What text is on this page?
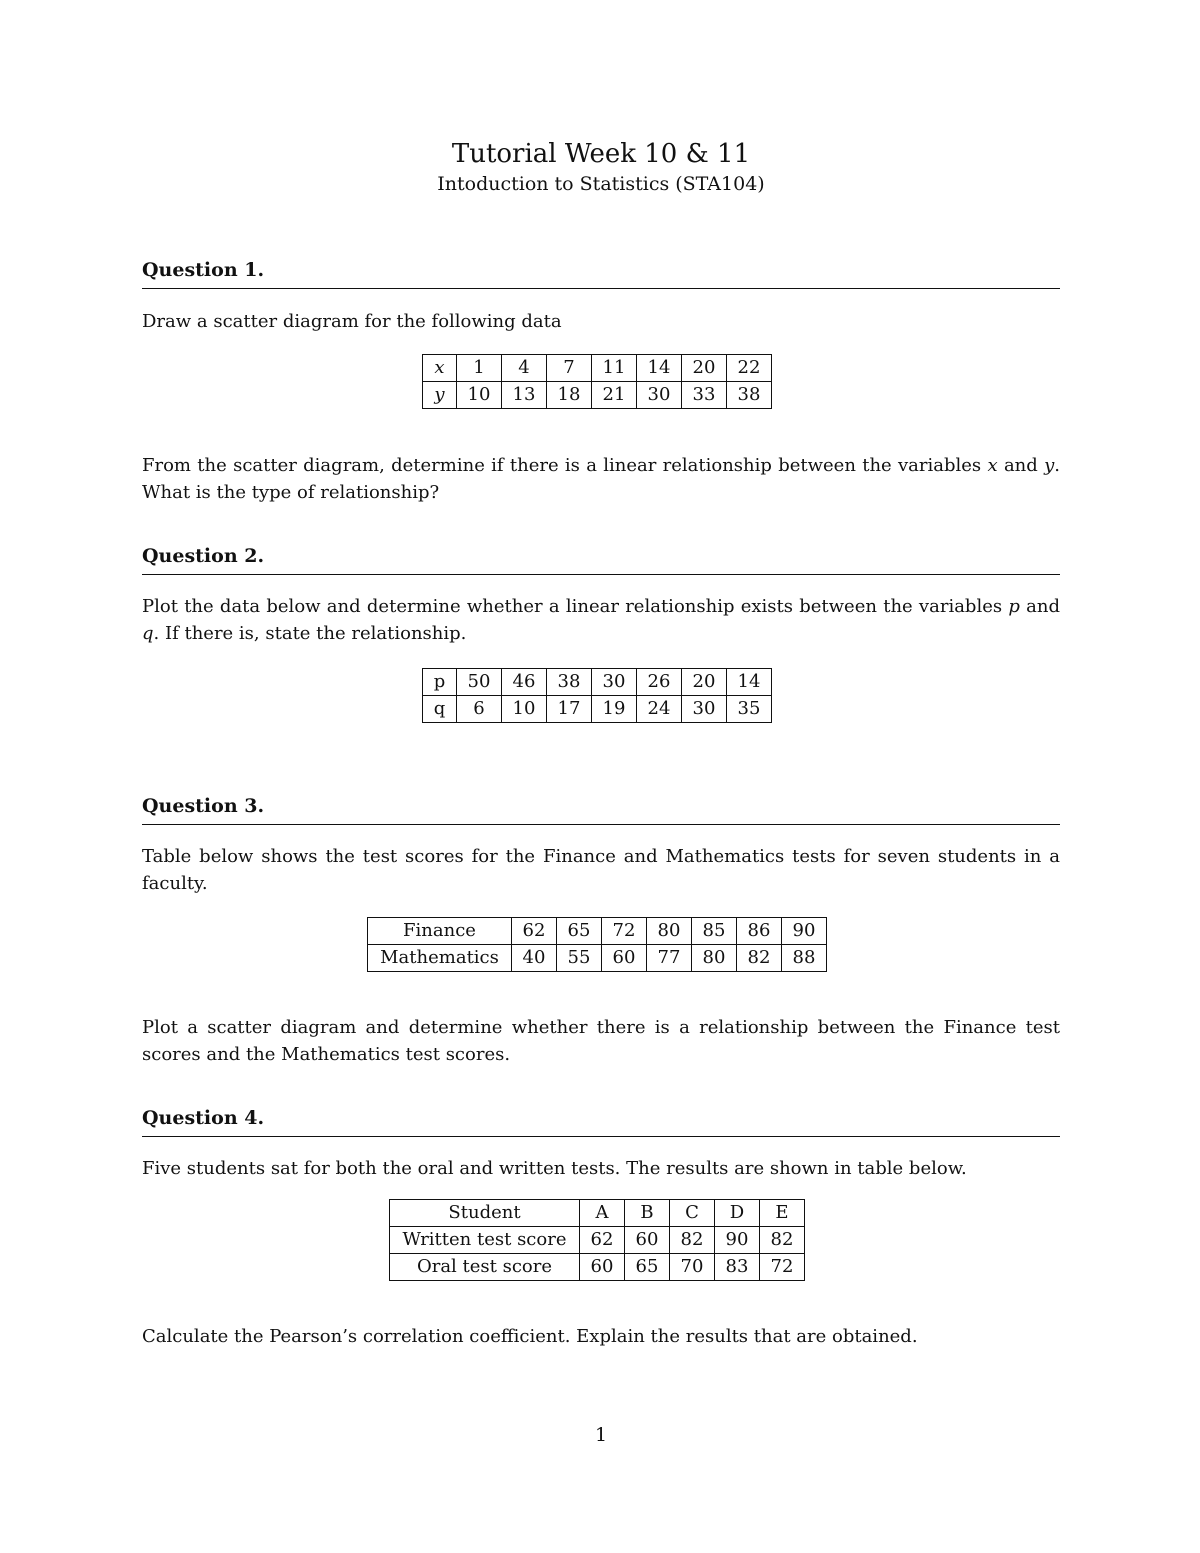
Tutorial Week 10 & 11
Intoduction to Statistics (STA104)
Question 1.
Draw a scatter diagram for the following data
x	1	4	7	11	14	20	22
y	10	13	18	21	30	33	38
From the scatter diagram, determine if there is a linear relationship between the variables x and y. What is the type of relationship?
Question 2.
Plot the data below and determine whether a linear relationship exists between the variables p and q. If there is, state the relationship.
p	50	46	38	30	26	20	14
q	6	10	17	19	24	30	35
Question 3.
Table below shows the test scores for the Finance and Mathematics tests for seven students in a faculty.
Finance	62	65	72	80	85	86	90
Mathematics	40	55	60	77	80	82	88
Plot a scatter diagram and determine whether there is a relationship between the Finance test scores and the Mathematics test scores.
Question 4.
Five students sat for both the oral and written tests. The results are shown in table below.
Student	A	B	C	D	E
Written test score	62	60	82	90	82
Oral test score	60	65	70	83	72
Calculate the Pearson’s correlation coefficient. Explain the results that are obtained.
1
